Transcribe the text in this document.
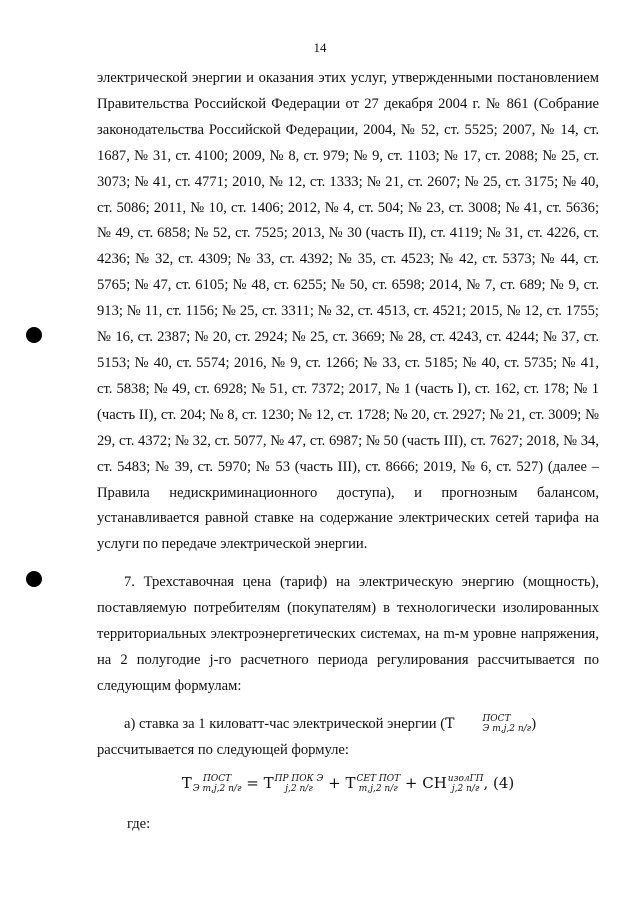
14

электрической энергии и оказания этих услуг, утвержденными постановлением Правительства Российской Федерации от 27 декабря 2004 г. № 861 (Собрание законодательства Российской Федерации, 2004, № 52, ст. 5525; 2007, № 14, ст. 1687, № 31, ст. 4100; 2009, № 8, ст. 979; № 9, ст. 1103; № 17, ст. 2088; № 25, ст. 3073; № 41, ст. 4771; 2010, № 12, ст. 1333; № 21, ст. 2607; № 25, ст. 3175; № 40, ст. 5086; 2011, № 10, ст. 1406; 2012, № 4, ст. 504; № 23, ст. 3008; № 41, ст. 5636; № 49, ст. 6858; № 52, ст. 7525; 2013, № 30 (часть II), ст. 4119; № 31, ст. 4226, ст. 4236; № 32, ст. 4309; № 33, ст. 4392; № 35, ст. 4523; № 42, ст. 5373; № 44, ст. 5765; № 47, ст. 6105; № 48, ст. 6255; № 50, ст. 6598; 2014, № 7, ст. 689; № 9, ст. 913; № 11, ст. 1156; № 25, ст. 3311; № 32, ст. 4513, ст. 4521; 2015, № 12, ст. 1755; № 16, ст. 2387; № 20, ст. 2924; № 25, ст. 3669; № 28, ст. 4243, ст. 4244; № 37, ст. 5153; № 40, ст. 5574; 2016, № 9, ст. 1266; № 33, ст. 5185; № 40, ст. 5735; № 41, ст. 5838; № 49, ст. 6928; № 51, ст. 7372; 2017, № 1 (часть I), ст. 162, ст. 178; № 1 (часть II), ст. 204; № 8, ст. 1230; № 12, ст. 1728; № 20, ст. 2927; № 21, ст. 3009; № 29, ст. 4372; № 32, ст. 5077, № 47, ст. 6987; № 50 (часть III), ст. 7627; 2018, № 34, ст. 5483; № 39, ст. 5970; № 53 (часть III), ст. 8666; 2019, № 6, ст. 527) (далее – Правила недискриминационного доступа), и прогнозным балансом, устанавливается равной ставке на содержание электрических сетей тарифа на услуги по передаче электрической энергии.

7. Трехставочная цена (тариф) на электрическую энергию (мощность), поставляемую потребителям (покупателям) в технологически изолированных территориальных электроэнергетических системах, на m-м уровне напряжения, на 2 полугодие j-го расчетного периода регулирования рассчитывается по следующим формулам:

а) ставка за 1 киловатт-час электрической энергии (T	ПОСТ
Э m,j,2 п/г )

рассчитывается по следующей формуле:

T	ПОСТ
Э m,j,2 п/г = T ПР ПОК Э
j,2 п/г	+ T СЕТ ПОТ
m,j,2 п/г + CH изолГП
j,2 п/г , (4)

где:
